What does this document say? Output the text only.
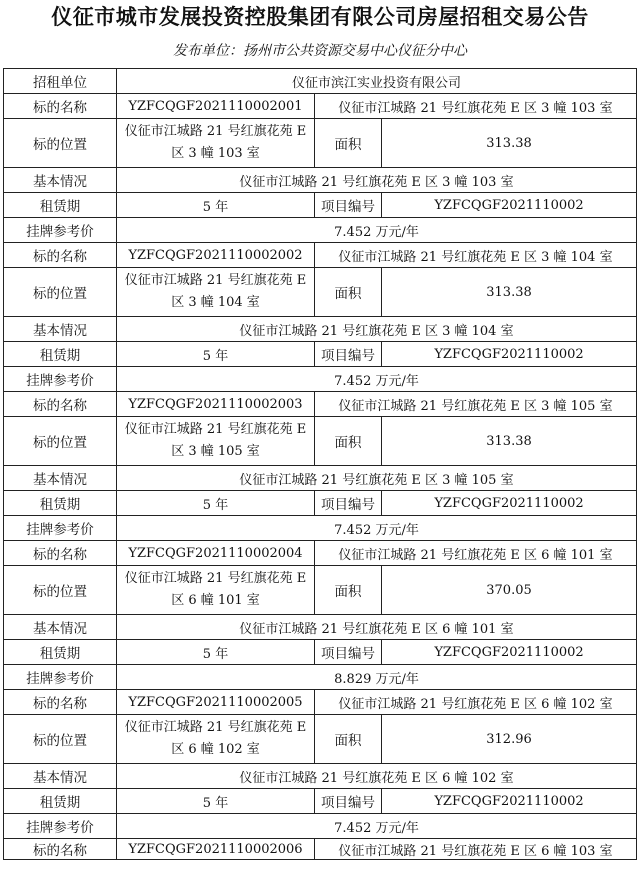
仪征市城市发展投资控股集团有限公司房屋招租交易公告
发布单位：扬州市公共资源交易中心仪征分中心
招租单位	仪征市滨江实业投资有限公司		
标的名称	YZFCQGF2021110002001	仪征市江城路 21 号红旗花苑 E 区 3 幢 103 室	
标的位置	仪征市江城路 21 号红旗花苑 E 区 3 幢 103 室	面积	313.38
基本情况	仪征市江城路 21 号红旗花苑 E 区 3 幢 103 室		
租赁期	5 年	项目编号	YZFCQGF2021110002
挂牌参考价	7.452 万元/年		
标的名称	YZFCQGF2021110002002	仪征市江城路 21 号红旗花苑 E 区 3 幢 104 室	
标的位置	仪征市江城路 21 号红旗花苑 E 区 3 幢 104 室	面积	313.38
基本情况	仪征市江城路 21 号红旗花苑 E 区 3 幢 104 室		
租赁期	5 年	项目编号	YZFCQGF2021110002
挂牌参考价	7.452 万元/年		
标的名称	YZFCQGF2021110002003	仪征市江城路 21 号红旗花苑 E 区 3 幢 105 室	
标的位置	仪征市江城路 21 号红旗花苑 E 区 3 幢 105 室	面积	313.38
基本情况	仪征市江城路 21 号红旗花苑 E 区 3 幢 105 室		
租赁期	5 年	项目编号	YZFCQGF2021110002
挂牌参考价	7.452 万元/年		
标的名称	YZFCQGF2021110002004	仪征市江城路 21 号红旗花苑 E 区 6 幢 101 室	
标的位置	仪征市江城路 21 号红旗花苑 E 区 6 幢 101 室	面积	370.05
基本情况	仪征市江城路 21 号红旗花苑 E 区 6 幢 101 室		
租赁期	5 年	项目编号	YZFCQGF2021110002
挂牌参考价	8.829 万元/年		
标的名称	YZFCQGF2021110002005	仪征市江城路 21 号红旗花苑 E 区 6 幢 102 室	
标的位置	仪征市江城路 21 号红旗花苑 E 区 6 幢 102 室	面积	312.96
基本情况	仪征市江城路 21 号红旗花苑 E 区 6 幢 102 室		
租赁期	5 年	项目编号	YZFCQGF2021110002
挂牌参考价	7.452 万元/年		
标的名称	YZFCQGF2021110002006	仪征市江城路 21 号红旗花苑 E 区 6 幢 103 室	
